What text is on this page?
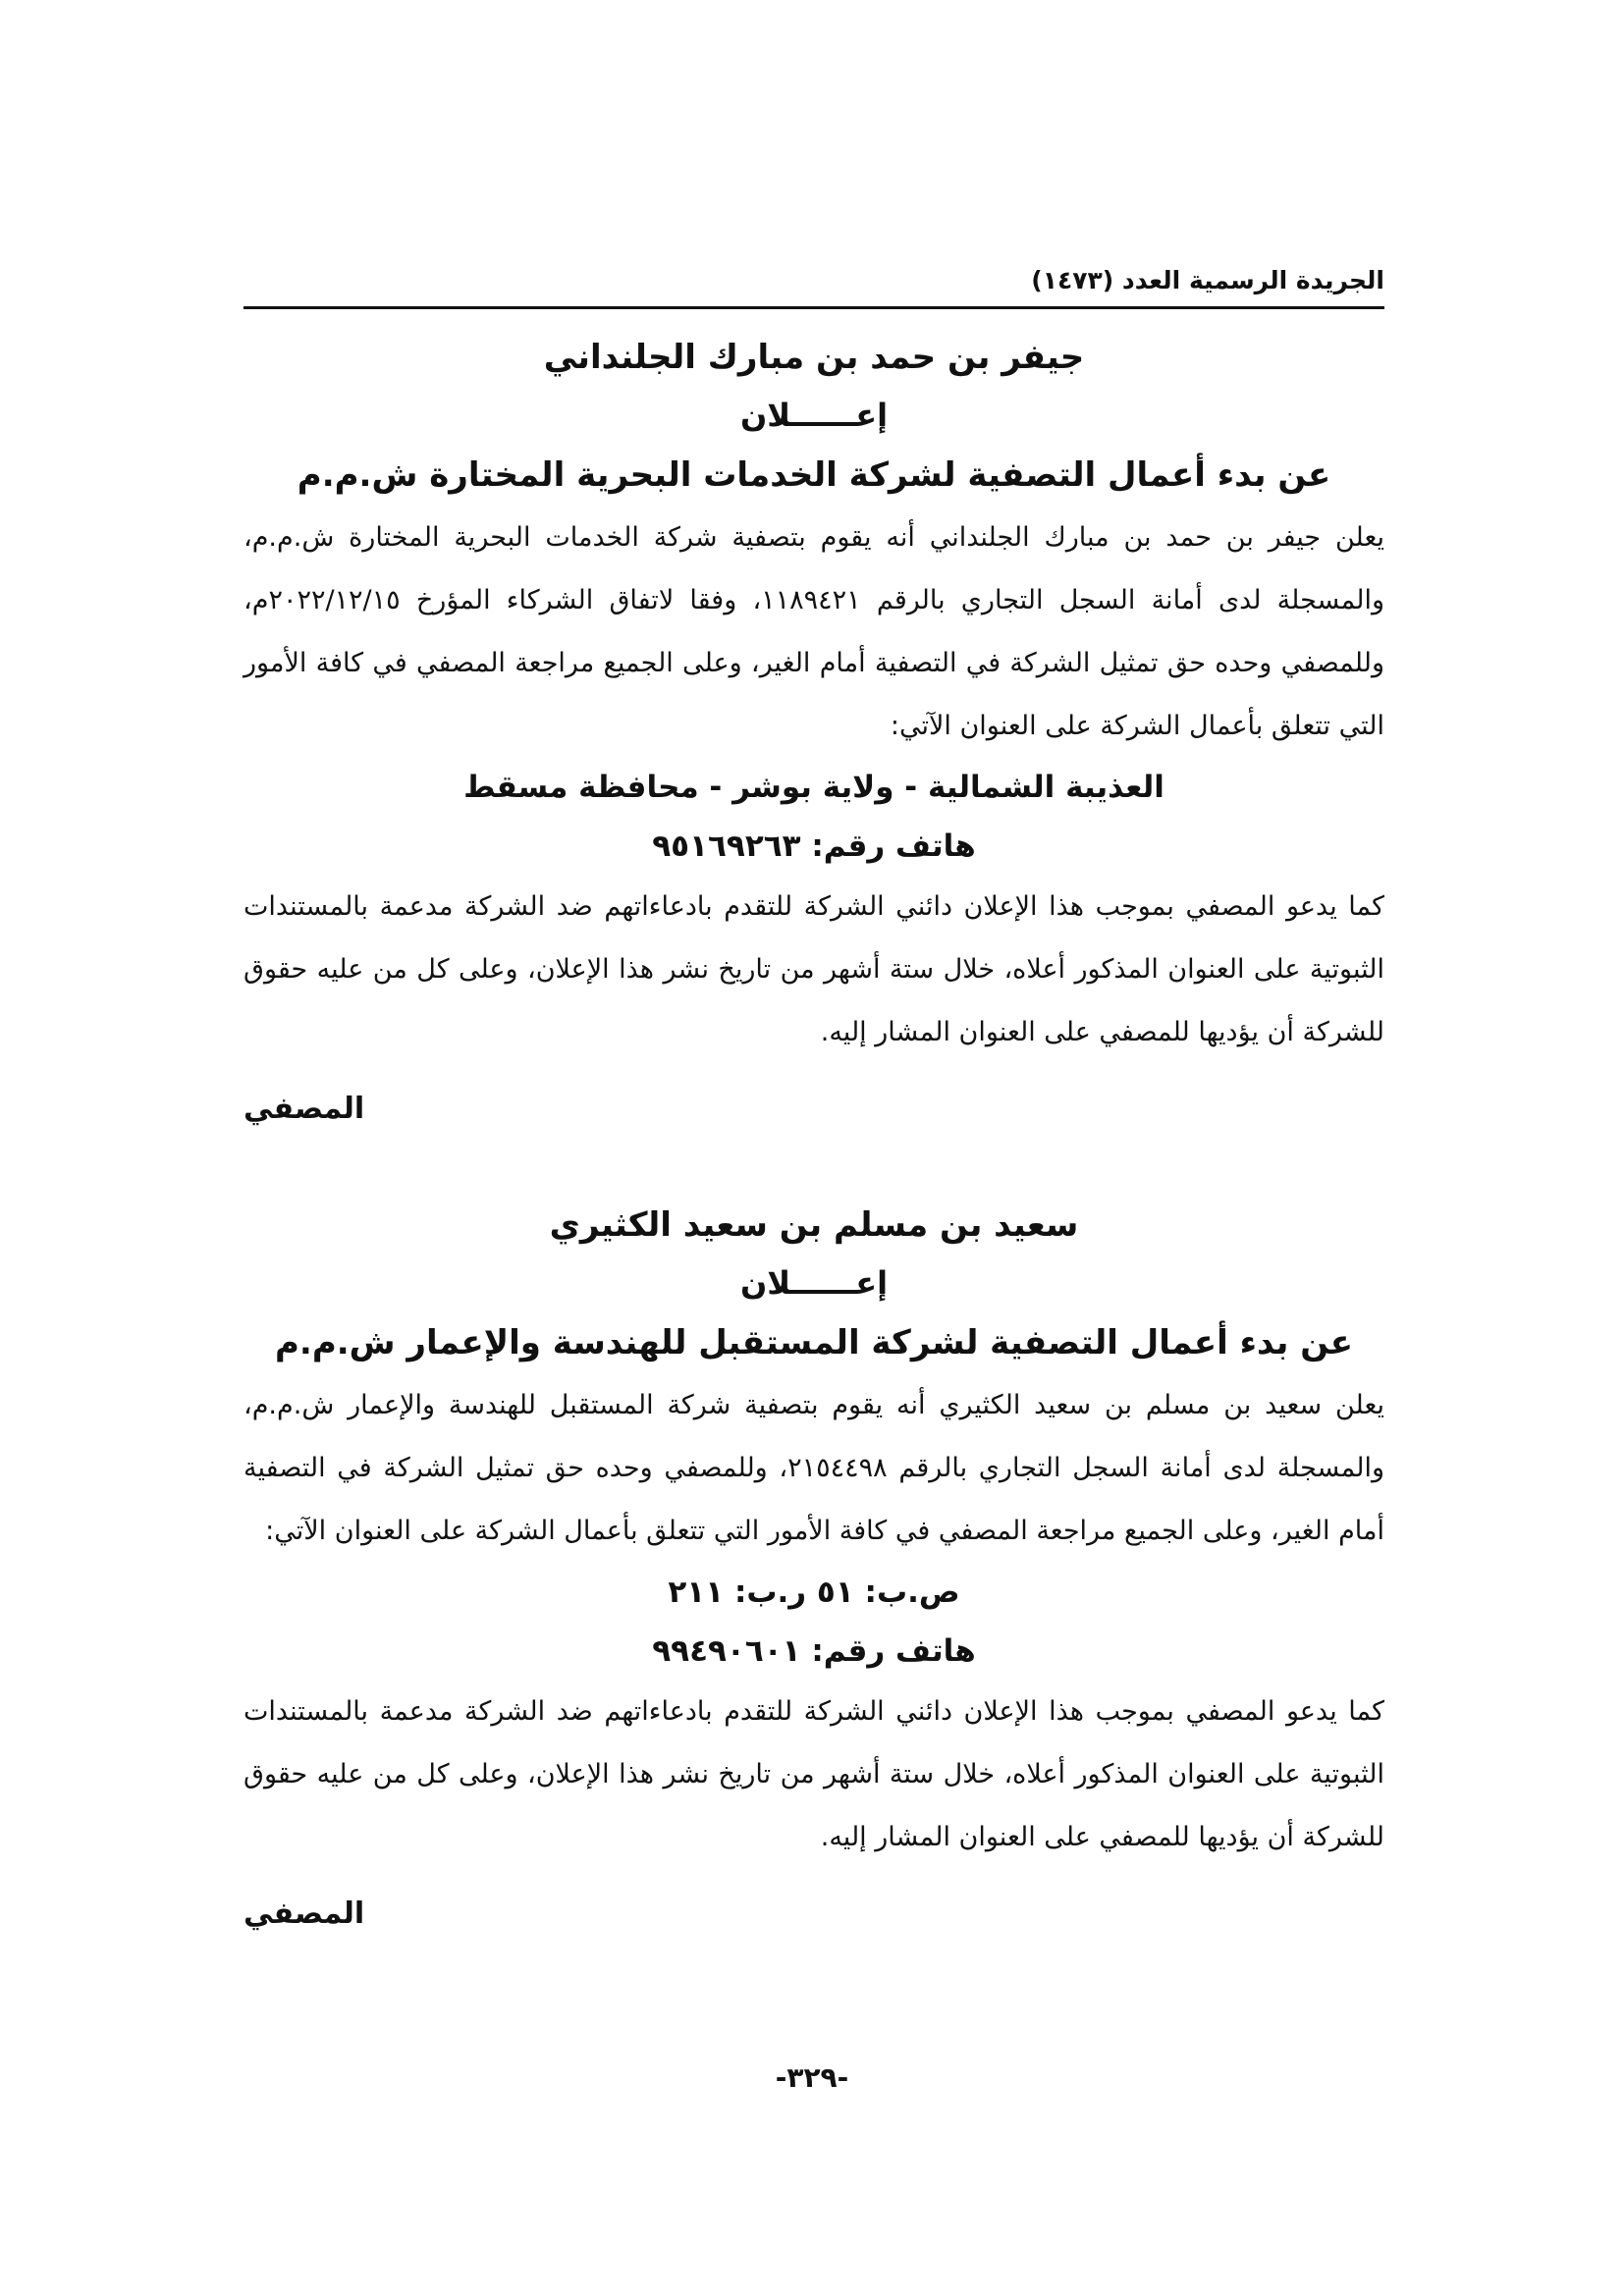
الجريدة الرسمية العدد (١٤٧٣)
جيفر بن حمد بن مبارك الجلنداني
إعــــــلان
عن بدء أعمال التصفية لشركة الخدمات البحرية المختارة ش.م.م

يعلن جيفر بن حمد بن مبارك الجلنداني أنه يقوم بتصفية شركة الخدمات البحرية المختارة ش.م.م، والمسجلة لدى أمانة السجل التجاري بالرقم ١١٨٩٤٢١، وفقا لاتفاق الشركاء المؤرخ ٢٠٢٢/١٢/١٥م، وللمصفي وحده حق تمثيل الشركة في التصفية أمام الغير، وعلى الجميع مراجعة المصفي في كافة الأمور التي تتعلق بأعمال الشركة على العنوان الآتي:

العذيبة الشمالية - ولاية بوشر - محافظة مسقط
هاتف رقم: ٩٥١٦٩٢٦٣

كما يدعو المصفي بموجب هذا الإعلان دائني الشركة للتقدم بادعاءاتهم ضد الشركة مدعمة بالمستندات الثبوتية على العنوان المذكور أعلاه، خلال ستة أشهر من تاريخ نشر هذا الإعلان، وعلى كل من عليه حقوق للشركة أن يؤديها للمصفي على العنوان المشار إليه.

المصفي
سعيد بن مسلم بن سعيد الكثيري
إعــــــلان
عن بدء أعمال التصفية لشركة المستقبل للهندسة والإعمار ش.م.م

يعلن سعيد بن مسلم بن سعيد الكثيري أنه يقوم بتصفية شركة المستقبل للهندسة والإعمار ش.م.م، والمسجلة لدى أمانة السجل التجاري بالرقم ٢١٥٤٤٩٨، وللمصفي وحده حق تمثيل الشركة في التصفية أمام الغير، وعلى الجميع مراجعة المصفي في كافة الأمور التي تتعلق بأعمال الشركة على العنوان الآتي:

ص.ب: ٥١ ر.ب: ٢١١
هاتف رقم: ٩٩٤٩٠٦٠١

كما يدعو المصفي بموجب هذا الإعلان دائني الشركة للتقدم بادعاءاتهم ضد الشركة مدعمة بالمستندات الثبوتية على العنوان المذكور أعلاه، خلال ستة أشهر من تاريخ نشر هذا الإعلان، وعلى كل من عليه حقوق للشركة أن يؤديها للمصفي على العنوان المشار إليه.

المصفي
-٣٢٩-
